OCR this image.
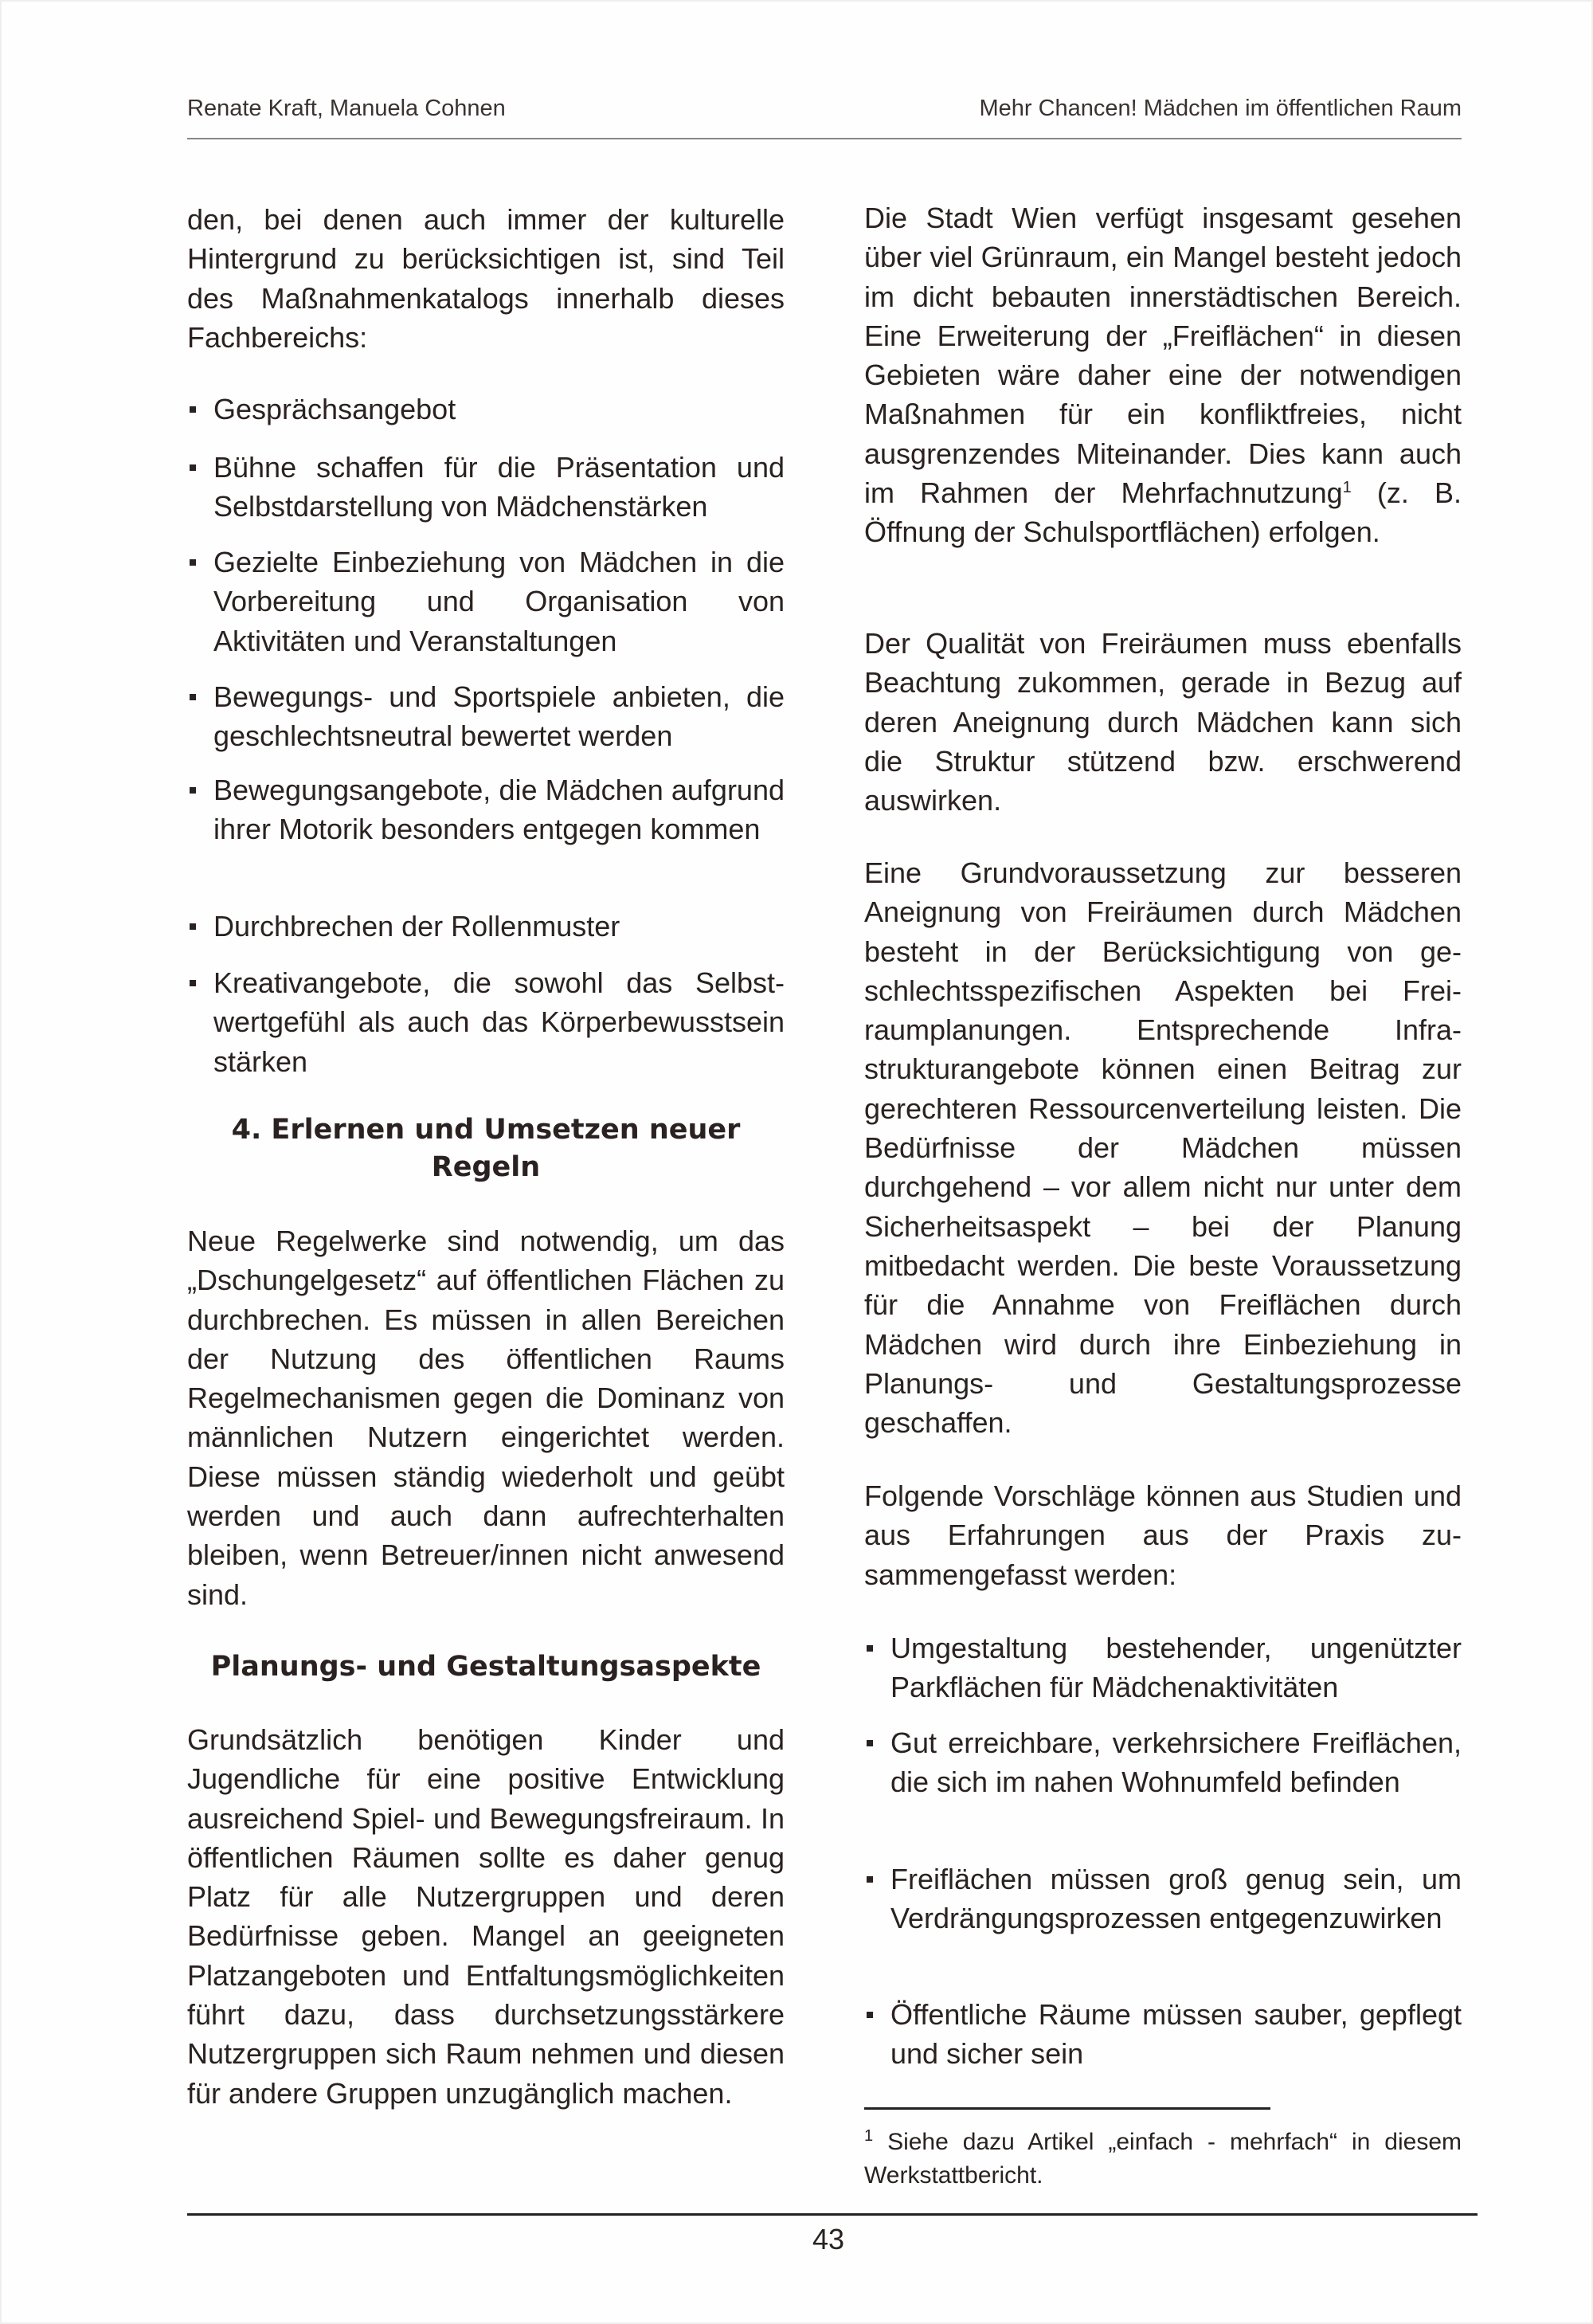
Renate Kraft, Manuela Cohnen	Mehr Chancen! Mädchen im öffentlichen Raum
den, bei denen auch immer der kulturelle Hintergrund zu berücksichtigen ist, sind Teil des Maßnahmenkatalogs innerhalb dieses Fachbereichs:
Gesprächsangebot
Bühne schaffen für die Präsentation und Selbstdarstellung von Mädchenstärken
Gezielte Einbeziehung von Mädchen in die Vorbereitung und Organisation von Aktivitäten und Veranstaltungen
Bewegungs- und Sportspiele anbieten, die geschlechtsneutral bewertet werden
Bewegungsangebote, die Mädchen aufgrund ihrer Motorik besonders entgegen kommen
Durchbrechen der Rollenmuster
Kreativangebote, die sowohl das Selbstwertgefühl als auch das Körperbewusstsein stärken
4. Erlernen und Umsetzen neuer
Regeln
Neue Regelwerke sind notwendig, um das „Dschungelgesetz“ auf öffentlichen Flächen zu durchbrechen. Es müssen in allen Bereichen der Nutzung des öffentlichen Raums Regelmechanismen gegen die Dominanz von männlichen Nutzern eingerichtet werden. Diese müssen ständig wiederholt und geübt werden und auch dann aufrechterhalten bleiben, wenn Betreuer/innen nicht anwesend sind.
Planungs- und Gestaltungsaspekte
Grundsätzlich benötigen Kinder und Jugendliche für eine positive Entwicklung ausreichend Spiel- und Bewegungsfreiraum. In öffentlichen Räumen sollte es daher genug Platz für alle Nutzergruppen und deren Bedürfnisse geben. Mangel an geeigneten Platzangeboten und Entfaltungsmöglichkeiten führt dazu, dass durchsetzungsstärkere Nutzergruppen sich Raum nehmen und diesen für andere Gruppen unzugänglich machen.
Die Stadt Wien verfügt insgesamt gesehen über viel Grünraum, ein Mangel besteht jedoch im dicht bebauten innerstädtischen Bereich. Eine Erweiterung der „Freiflächen“ in diesen Gebieten wäre daher eine der notwendigen Maßnahmen für ein konfliktfreies, nicht ausgrenzendes Miteinander. Dies kann auch im Rahmen der Mehrfachnutzung$^1$ (z. B. Öffnung der Schulsportflächen) erfolgen.
Der Qualität von Freiräumen muss ebenfalls Beachtung zukommen, gerade in Bezug auf deren Aneignung durch Mädchen kann sich die Struktur stützend bzw. erschwerend auswirken.
Eine Grundvoraussetzung zur besseren Aneignung von Freiräumen durch Mädchen besteht in der Berücksichtigung von geschlechtsspezifischen Aspekten bei Freiraumplanungen. Entsprechende Infrastrukturangebote können einen Beitrag zur gerechteren Ressourcenverteilung leisten. Die Bedürfnisse der Mädchen müssen durchgehend – vor allem nicht nur unter dem Sicherheitsaspekt – bei der Planung mitbedacht werden. Die beste Voraussetzung für die Annahme von Freiflächen durch Mädchen wird durch ihre Einbeziehung in Planungs- und Gestaltungsprozesse geschaffen.
Folgende Vorschläge können aus Studien und aus Erfahrungen aus der Praxis zusammengefasst werden:
Umgestaltung bestehender, ungenützter Parkflächen für Mädchenaktivitäten
Gut erreichbare, verkehrsichere Freiflächen, die sich im nahen Wohnumfeld befinden
Freiflächen müssen groß genug sein, um Verdrängungsprozessen entgegenzuwirken
Öffentliche Räume müssen sauber, gepflegt und sicher sein
$^1$ Siehe dazu Artikel „einfach - mehrfach“ in diesem Werkstattbericht.
43
